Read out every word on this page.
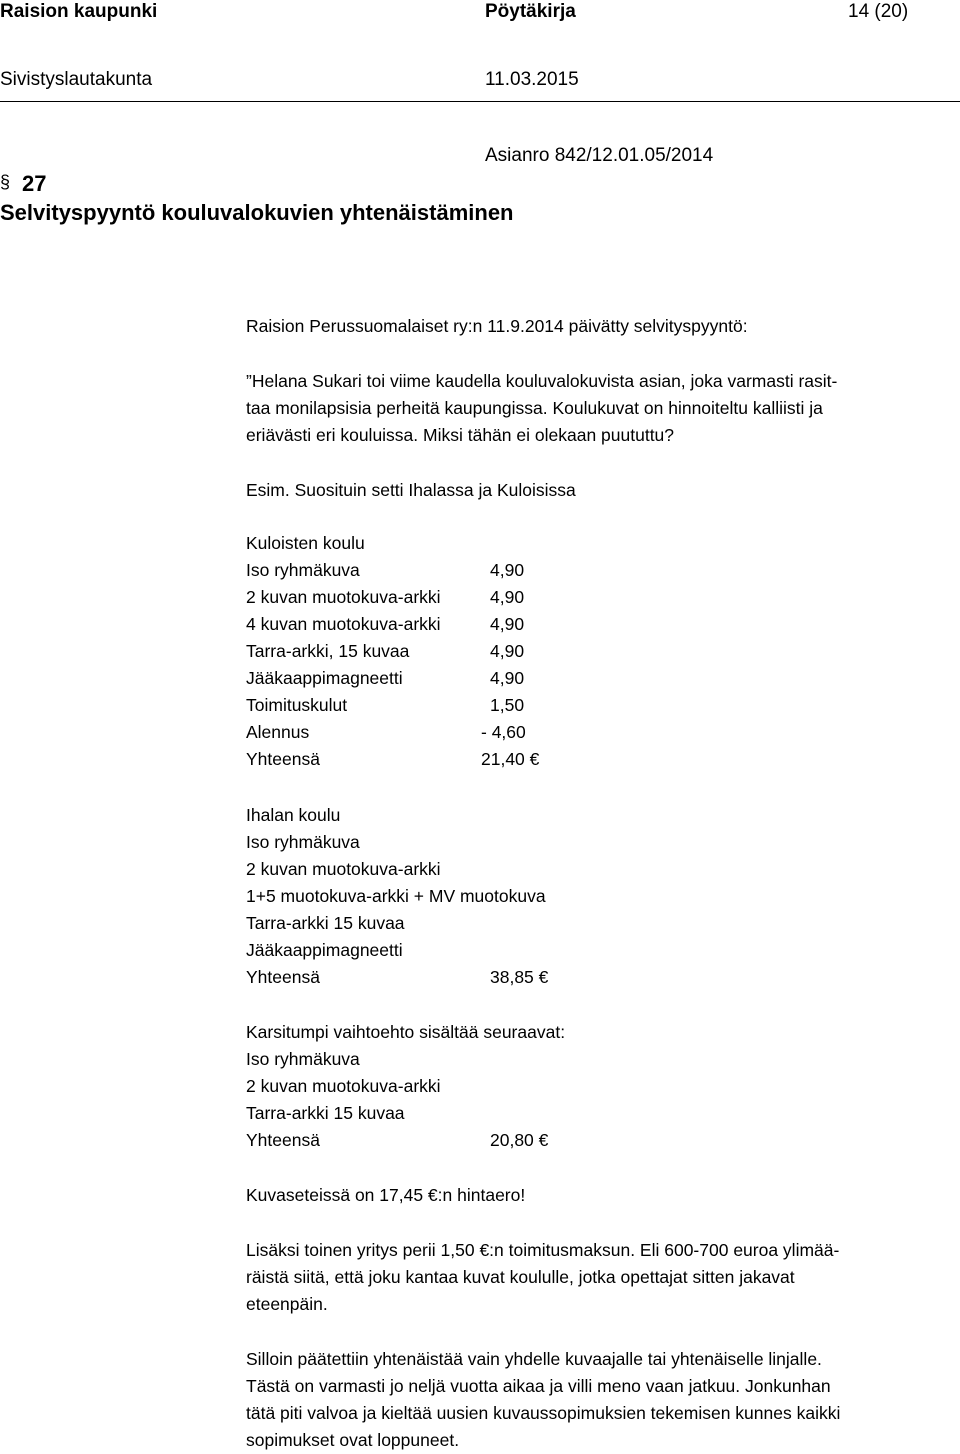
Raision kaupunki	Pöytäkirja	14 (20)
Sivistyslautakunta	11.03.2015
§ 27
Asianro 842/12.01.05/2014
Selvityspyyntö kouluvalokuvien yhtenäistäminen
Raision Perussuomalaiset ry:n 11.9.2014 päivätty selvityspyyntö:
”Helana Sukari toi viime kaudella kouluvalokuvista asian, joka varmasti rasit-
taa monilapsisia perheitä kaupungissa. Koulukuvat on hinnoiteltu kalliisti ja
eriävästi eri kouluissa. Miksi tähän ei olekaan puututtu?
Esim. Suosituin setti Ihalassa ja Kuloisissa
Kuloisten koulu
Iso ryhmäkuva	4,90
2 kuvan muotokuva-arkki	4,90
4 kuvan muotokuva-arkki	4,90
Tarra-arkki, 15 kuvaa	4,90
Jääkaappimagneetti	4,90
Toimituskulut	1,50
Alennus	- 4,60
Yhteensä	21,40 €
Ihalan koulu
Iso ryhmäkuva
2 kuvan muotokuva-arkki
1+5 muotokuva-arkki + MV muotokuva
Tarra-arkki 15 kuvaa
Jääkaappimagneetti
Yhteensä	38,85 €
Karsitumpi vaihtoehto sisältää seuraavat:
Iso ryhmäkuva
2 kuvan muotokuva-arkki
Tarra-arkki 15 kuvaa
Yhteensä	20,80 €
Kuvaseteissä on 17,45 €:n hintaero!
Lisäksi toinen yritys perii 1,50 €:n toimitusmaksun. Eli 600-700 euroa ylimää-
räistä siitä, että joku kantaa kuvat koululle, jotka opettajat sitten jakavat
eteenpäin.
Silloin päätettiin yhtenäistää vain yhdelle kuvaajalle tai yhtenäiselle linjalle.
Tästä on varmasti jo neljä vuotta aikaa ja villi meno vaan jatkuu. Jonkunhan
tätä piti valvoa ja kieltää uusien kuvaussopimuksien tekemisen kunnes kaikki
sopimukset ovat loppuneet.
